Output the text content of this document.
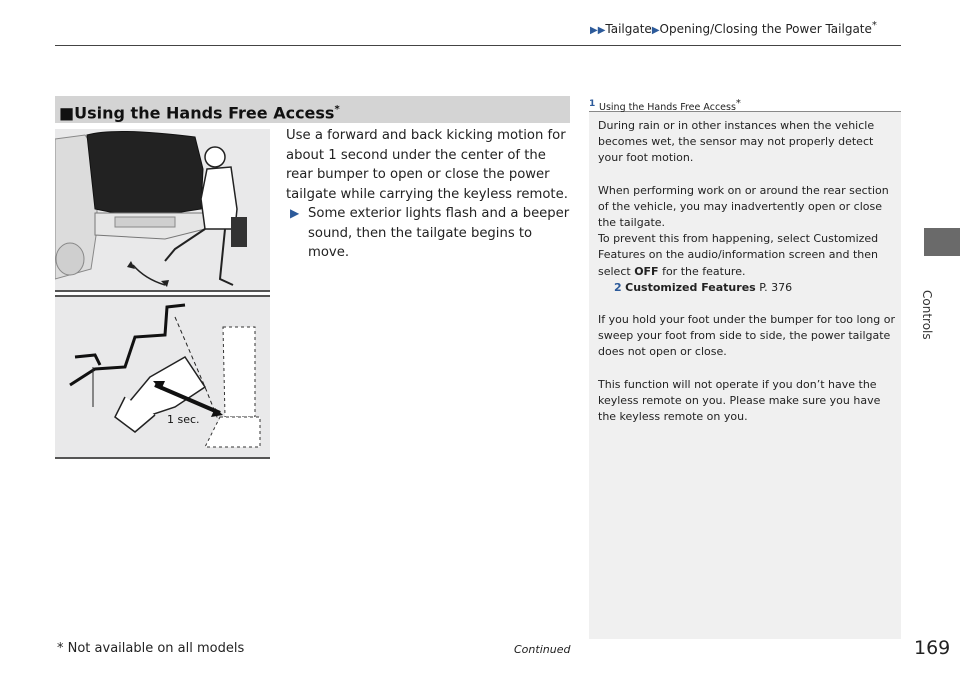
▶▶Tailgate▶Opening/Closing the Power Tailgate*
■Using the Hands Free Access*
1 sec.

Use a forward and back kicking motion for about 1 second under the center of the rear bumper to open or close the power tailgate while carrying the keyless remote.

▶ Some exterior lights flash and a beeper sound, then the tailgate begins to move.
1 Using the Hands Free Access*

During rain or in other instances when the vehicle becomes wet, the sensor may not properly detect your foot motion.

When performing work on or around the rear section of the vehicle, you may inadvertently open or close the tailgate.
To prevent this from happening, select Customized Features on the audio/information screen and then select OFF for the feature.
2 Customized Features P. 376

If you hold your foot under the bumper for too long or sweep your foot from side to side, the power tailgate does not open or close.

This function will not operate if you don’t have the keyless remote on you. Please make sure you have the keyless remote on you.

Controls
* Not available on all models	Continued	169
